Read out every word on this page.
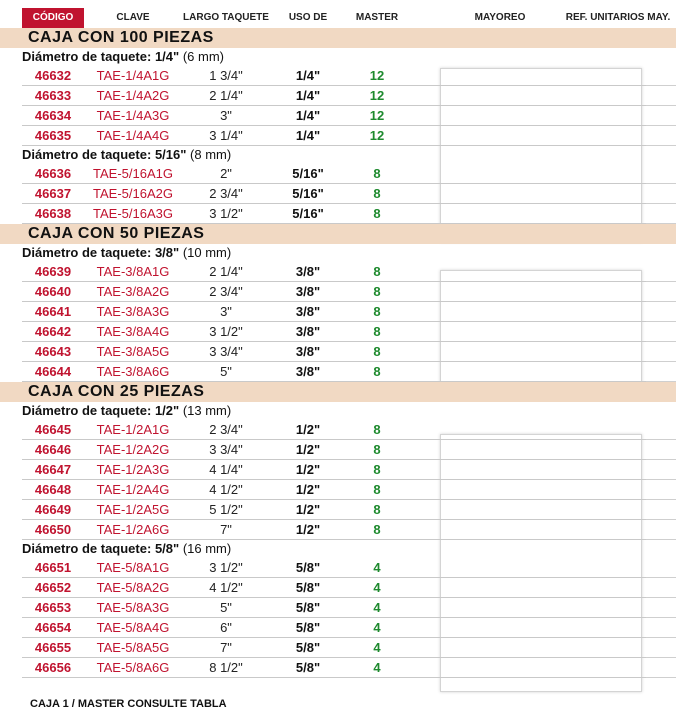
CÓDIGO	CLAVE	LARGO TAQUETE	USO DE	MASTER	MAYOREO	REF. UNITARIOS MAY.
CAJA CON 100 PIEZAS
Diámetro de taquete: 1/4" (6 mm)
46632	TAE-1/4A1G	1 3/4"	1/4"	12
46633	TAE-1/4A2G	2 1/4"	1/4"	12
46634	TAE-1/4A3G	3"	1/4"	12
46635	TAE-1/4A4G	3 1/4"	1/4"	12
Diámetro de taquete: 5/16" (8 mm)
46636	TAE-5/16A1G	2"	5/16"	8
46637	TAE-5/16A2G	2 3/4"	5/16"	8
46638	TAE-5/16A3G	3 1/2"	5/16"	8
CAJA CON 50 PIEZAS
Diámetro de taquete: 3/8" (10 mm)
46639	TAE-3/8A1G	2 1/4"	3/8"	8
46640	TAE-3/8A2G	2 3/4"	3/8"	8
46641	TAE-3/8A3G	3"	3/8"	8
46642	TAE-3/8A4G	3 1/2"	3/8"	8
46643	TAE-3/8A5G	3 3/4"	3/8"	8
46644	TAE-3/8A6G	5"	3/8"	8
CAJA CON 25 PIEZAS
Diámetro de taquete: 1/2" (13 mm)
46645	TAE-1/2A1G	2 3/4"	1/2"	8
46646	TAE-1/2A2G	3 3/4"	1/2"	8
46647	TAE-1/2A3G	4 1/4"	1/2"	8
46648	TAE-1/2A4G	4 1/2"	1/2"	8
46649	TAE-1/2A5G	5 1/2"	1/2"	8
46650	TAE-1/2A6G	7"	1/2"	8
Diámetro de taquete: 5/8" (16 mm)
46651	TAE-5/8A1G	3 1/2"	5/8"	4
46652	TAE-5/8A2G	4 1/2"	5/8"	4
46653	TAE-5/8A3G	5"	5/8"	4
46654	TAE-5/8A4G	6"	5/8"	4
46655	TAE-5/8A5G	7"	5/8"	4
46656	TAE-5/8A6G	8 1/2"	5/8"	4
CAJA 1 / MASTER CONSULTE TABLA
